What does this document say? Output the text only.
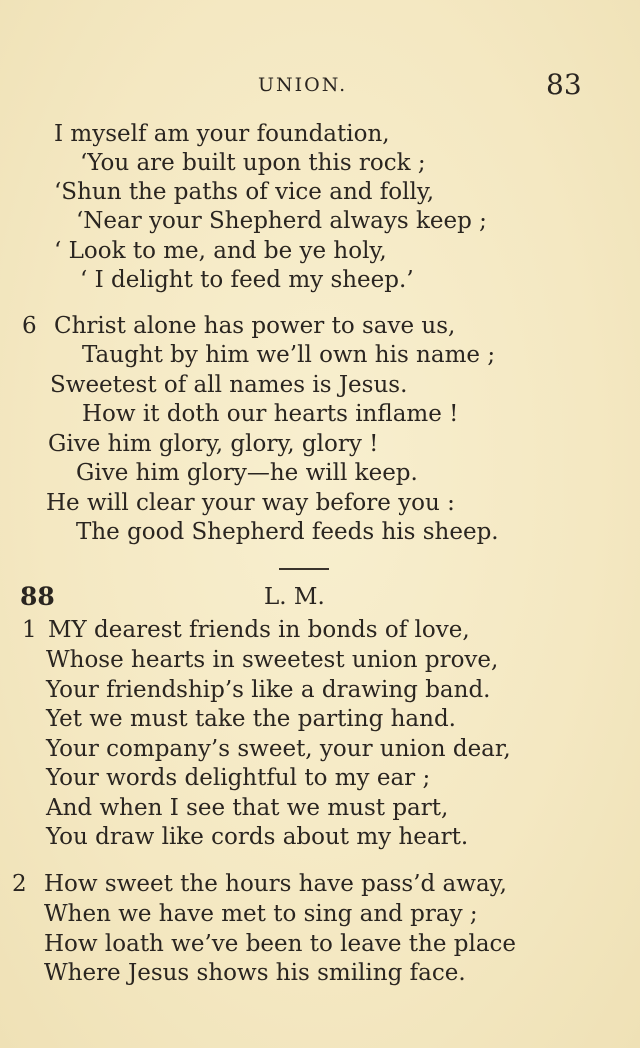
UNION.	83
I myself am your foundation,
‘You are built upon this rock ;
‘Shun the paths of vice and folly,
‘Near your Shepherd always keep ;
‘ Look to me, and be ye holy,
‘ I delight to feed my sheep.’
6 Christ alone has power to save us,
Taught by him we’ll own his name ;
Sweetest of all names is Jesus.
How it doth our hearts inflame !
Give him glory, glory, glory !
Give him glory—he will keep.
He will clear your way before you :
The good Shepherd feeds his sheep.
88	L. M.
1 MY dearest friends in bonds of love,
Whose hearts in sweetest union prove,
Your friendship’s like a drawing band.
Yet we must take the parting hand.
Your company’s sweet, your union dear,
Your words delightful to my ear ;
And when I see that we must part,
You draw like cords about my heart.
2 How sweet the hours have pass’d away,
When we have met to sing and pray ;
How loath we’ve been to leave the place
Where Jesus shows his smiling face.
